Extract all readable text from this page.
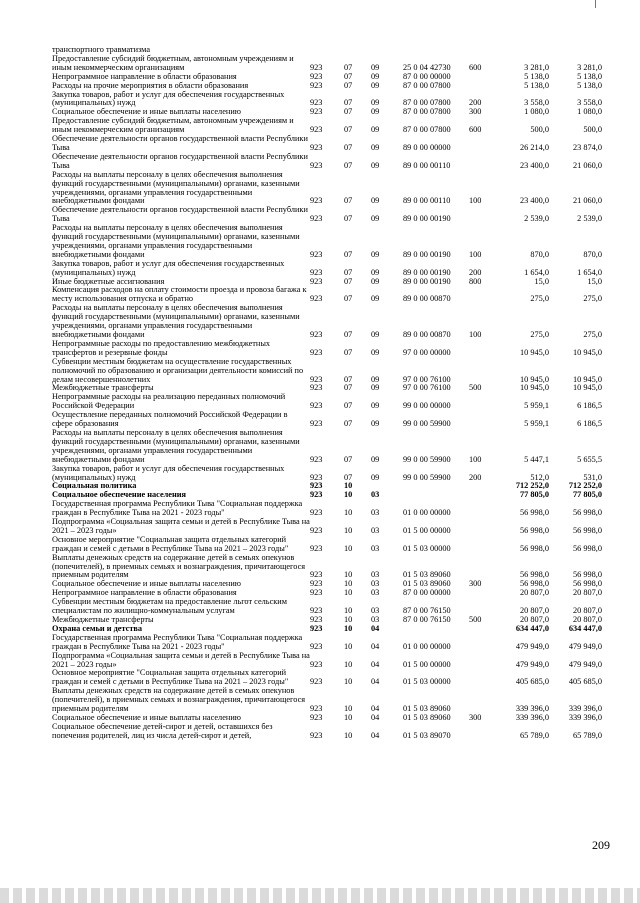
транспортного травматизма
Предоставление субсидий бюджетным, автономным учреждениям и иным некоммерческим организациям	923	07	09	25 0 04 42730	600	3 281,0	3 281,0
Непрограммное направление в области образования	923	07	09	87 0 00 00000	5 138,0	5 138,0
Расходы на прочие мероприятия в области образования	923	07	09	87 0 00 07800	5 138,0	5 138,0
Закупка товаров, работ и услуг для обеспечения государственных (муниципальных) нужд	923	07	09	87 0 00 07800	200	3 558,0	3 558,0
Социальное обеспечение и иные выплаты населению	923	07	09	87 0 00 07800	300	1 080,0	1 080,0
Предоставление субсидий бюджетным, автономным учреждениям и иным некоммерческим организациям	923	07	09	87 0 00 07800	600	500,0	500,0
Обеспечение деятельности органов государственной власти Республики Тыва	923	07	09	89 0 00 00000	26 214,0	23 874,0
Обеспечение деятельности органов государственной власти Республики Тыва	923	07	09	89 0 00 00110	23 400,0	21 060,0
Расходы на выплаты персоналу в целях обеспечения выполнения функций государственными (муниципальными) органами, казенными учреждениями, органами управления государственными внебюджетными фондами	923	07	09	89 0 00 00110	100	23 400,0	21 060,0
Обеспечение деятельности органов государственной власти Республики Тыва	923	07	09	89 0 00 00190	2 539,0	2 539,0
Расходы на выплаты персоналу в целях обеспечения выполнения функций государственными (муниципальными) органами, казенными учреждениями, органами управления государственными внебюджетными фондами	923	07	09	89 0 00 00190	100	870,0	870,0
Закупка товаров, работ и услуг для обеспечения государственных (муниципальных) нужд	923	07	09	89 0 00 00190	200	1 654,0	1 654,0
Иные бюджетные ассигнования	923	07	09	89 0 00 00190	800	15,0	15,0
Компенсация расходов на оплату стоимости проезда и провоза багажа к месту использования отпуска и обратно	923	07	09	89 0 00 00870	275,0	275,0
Расходы на выплаты персоналу в целях обеспечения выполнения функций государственными (муниципальными) органами, казенными учреждениями, органами управления государственными внебюджетными фондами	923	07	09	89 0 00 00870	100	275,0	275,0
Непрограммные расходы по предоставлению межбюджетных трансфертов и резервные фонды	923	07	09	97 0 00 00000	10 945,0	10 945,0
Субвенции местным бюджетам на осуществление государственных полномочий по образованию и организации деятельности комиссий по делам несовершеннолетних	923	07	09	97 0 00 76100	10 945,0	10 945,0
Межбюджетные трансферты	923	07	09	97 0 00 76100	500	10 945,0	10 945,0
Непрограммные расходы на реализацию переданных полномочий Российской Федерации	923	07	09	99 0 00 00000	5 959,1	6 186,5
Осуществление переданных полномочий Российской Федерации в сфере образования	923	07	09	99 0 00 59900	5 959,1	6 186,5
Расходы на выплаты персоналу в целях обеспечения выполнения функций государственными (муниципальными) органами, казенными учреждениями, органами управления государственными внебюджетными фондами	923	07	09	99 0 00 59900	100	5 447,1	5 655,5
Закупка товаров, работ и услуг для обеспечения государственных (муниципальных) нужд	923	07	09	99 0 00 59900	200	512,0	531,0
Социальная политика	923	10	712 252,0	712 252,0
Социальное обеспечение населения	923	10	03	77 805,0	77 805,0
Государственная программа Республики Тыва "Социальная поддержка граждан в Республике Тыва на 2021 - 2023 годы"	923	10	03	01 0 00 00000	56 998,0	56 998,0
Подпрограмма «Социальная защита семьи и детей в Республике Тыва на 2021 – 2023 годы»	923	10	03	01 5 00 00000	56 998,0	56 998,0
Основное мероприятие "Социальная защита отдельных категорий граждан и семей с детьми в Республике Тыва на 2021 – 2023 годы"	923	10	03	01 5 03 00000	56 998,0	56 998,0
Выплаты денежных средств на содержание детей в семьях опекунов (попечителей), в приемных семьях и вознаграждения, причитающегося приемным родителям	923	10	03	01 5 03 89060	56 998,0	56 998,0
Социальное обеспечение и иные выплаты населению	923	10	03	01 5 03 89060	300	56 998,0	56 998,0
Непрограммное направление в области образования	923	10	03	87 0 00 00000	20 807,0	20 807,0
Субвенции местным бюджетам на предоставление льгот сельским специалистам по жилищно-коммунальным услугам	923	10	03	87 0 00 76150	20 807,0	20 807,0
Межбюджетные трансферты	923	10	03	87 0 00 76150	500	20 807,0	20 807,0
Охрана семьи и детства	923	10	04	634 447,0	634 447,0
Государственная программа Республики Тыва "Социальная поддержка граждан в Республике Тыва на 2021 - 2023 годы"	923	10	04	01 0 00 00000	479 949,0	479 949,0
Подпрограмма «Социальная защита семьи и детей в Республике Тыва на 2021 – 2023 годы»	923	10	04	01 5 00 00000	479 949,0	479 949,0
Основное мероприятие "Социальная защита отдельных категорий граждан и семей с детьми в Республике Тыва на 2021 – 2023 годы"	923	10	04	01 5 03 00000	405 685,0	405 685,0
Выплаты денежных средств на содержание детей в семьях опекунов (попечителей), в приемных семьях и вознаграждения, причитающегося приемным родителям	923	10	04	01 5 03 89060	339 396,0	339 396,0
Социальное обеспечение и иные выплаты населению	923	10	04	01 5 03 89060	300	339 396,0	339 396,0
Социальное обеспечение детей-сирот и детей, оставшихся без попечения родителей, лиц из числа детей-сирот и детей,	923	10	04	01 5 03 89070	65 789,0	65 789,0
209
